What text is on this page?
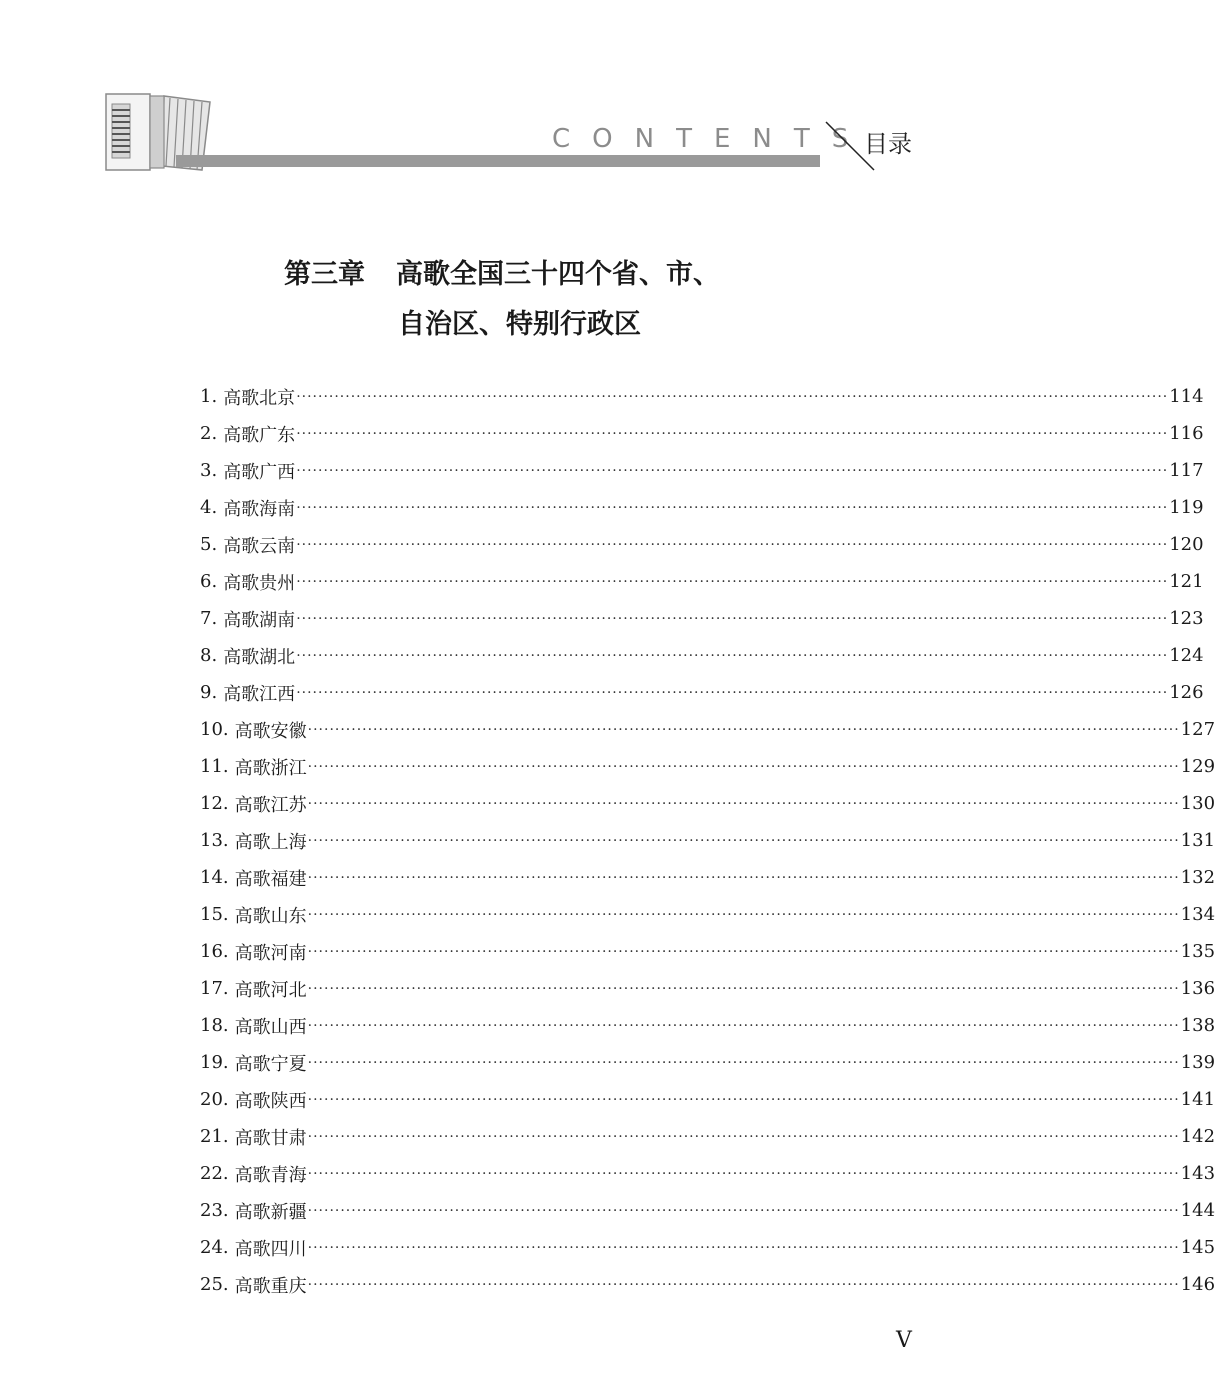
CONTENTS
目录
第三章 高歌全国三十四个省、市、
自治区、特别行政区
1. 高歌北京 ································································································································································ 114
2. 高歌广东 ································································································································································ 116
3. 高歌广西 ································································································································································ 117
4. 高歌海南 ································································································································································ 119
5. 高歌云南 ································································································································································ 120
6. 高歌贵州 ································································································································································ 121
7. 高歌湖南 ································································································································································ 123
8. 高歌湖北 ································································································································································ 124
9. 高歌江西 ································································································································································ 126
10. 高歌安徽 ································································································································································ 127
11. 高歌浙江 ································································································································································ 129
12. 高歌江苏 ································································································································································ 130
13. 高歌上海 ································································································································································ 131
14. 高歌福建 ································································································································································ 132
15. 高歌山东 ································································································································································ 134
16. 高歌河南 ································································································································································ 135
17. 高歌河北 ································································································································································ 136
18. 高歌山西 ································································································································································ 138
19. 高歌宁夏 ································································································································································ 139
20. 高歌陕西 ································································································································································ 141
21. 高歌甘肃 ································································································································································ 142
22. 高歌青海 ································································································································································ 143
23. 高歌新疆 ································································································································································ 144
24. 高歌四川 ································································································································································ 145
25. 高歌重庆 ································································································································································ 146
V
